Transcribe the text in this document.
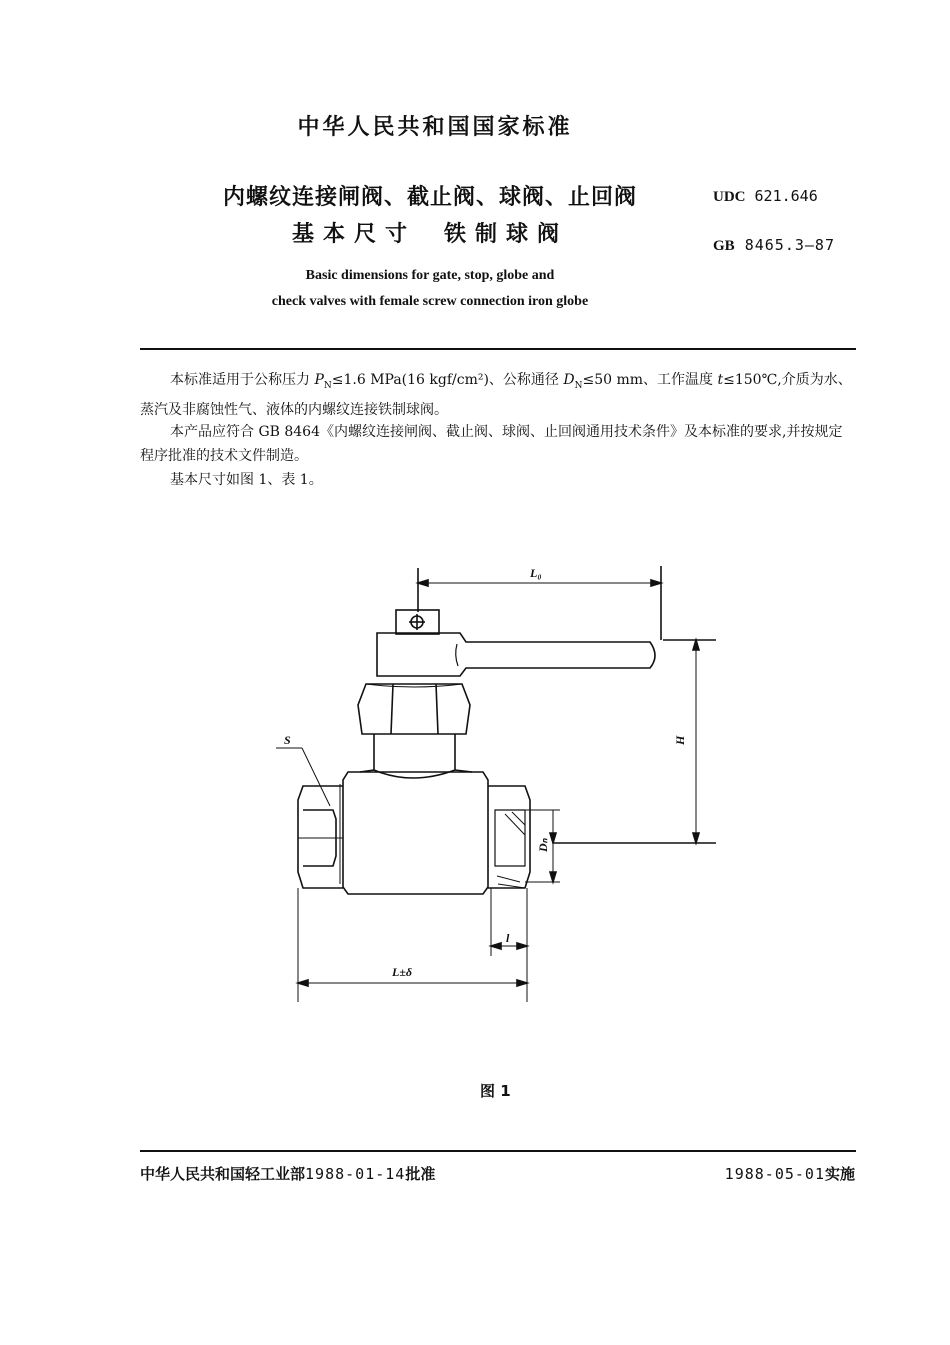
中华人民共和国国家标准
内螺纹连接闸阀、截止阀、球阀、止回阀
基本尺寸 铁制球阀
UDC 621.646
GB 8465.3—87
Basic dimensions for gate, stop, globe and
check valves with female screw connection iron globe
本标准适用于公称压力 $P_N\le 1.6$ MPa(16 kgf/cm²)、公称通径 $D_N\le 50$ mm、工作温度 t≤150℃,介质为水、蒸汽及非腐蚀性气、液体的内螺纹连接铁制球阀。
本产品应符合 GB 8464《内螺纹连接闸阀、截止阀、球阀、止回阀通用技术条件》及本标准的要求,并按规定程序批准的技术文件制造。
基本尺寸如图 1、表 1。
L₀
H
S
Dₙ
l
L±δ
图 1
中华人民共和国轻工业部1988-01-14批准	1988-05-01实施
